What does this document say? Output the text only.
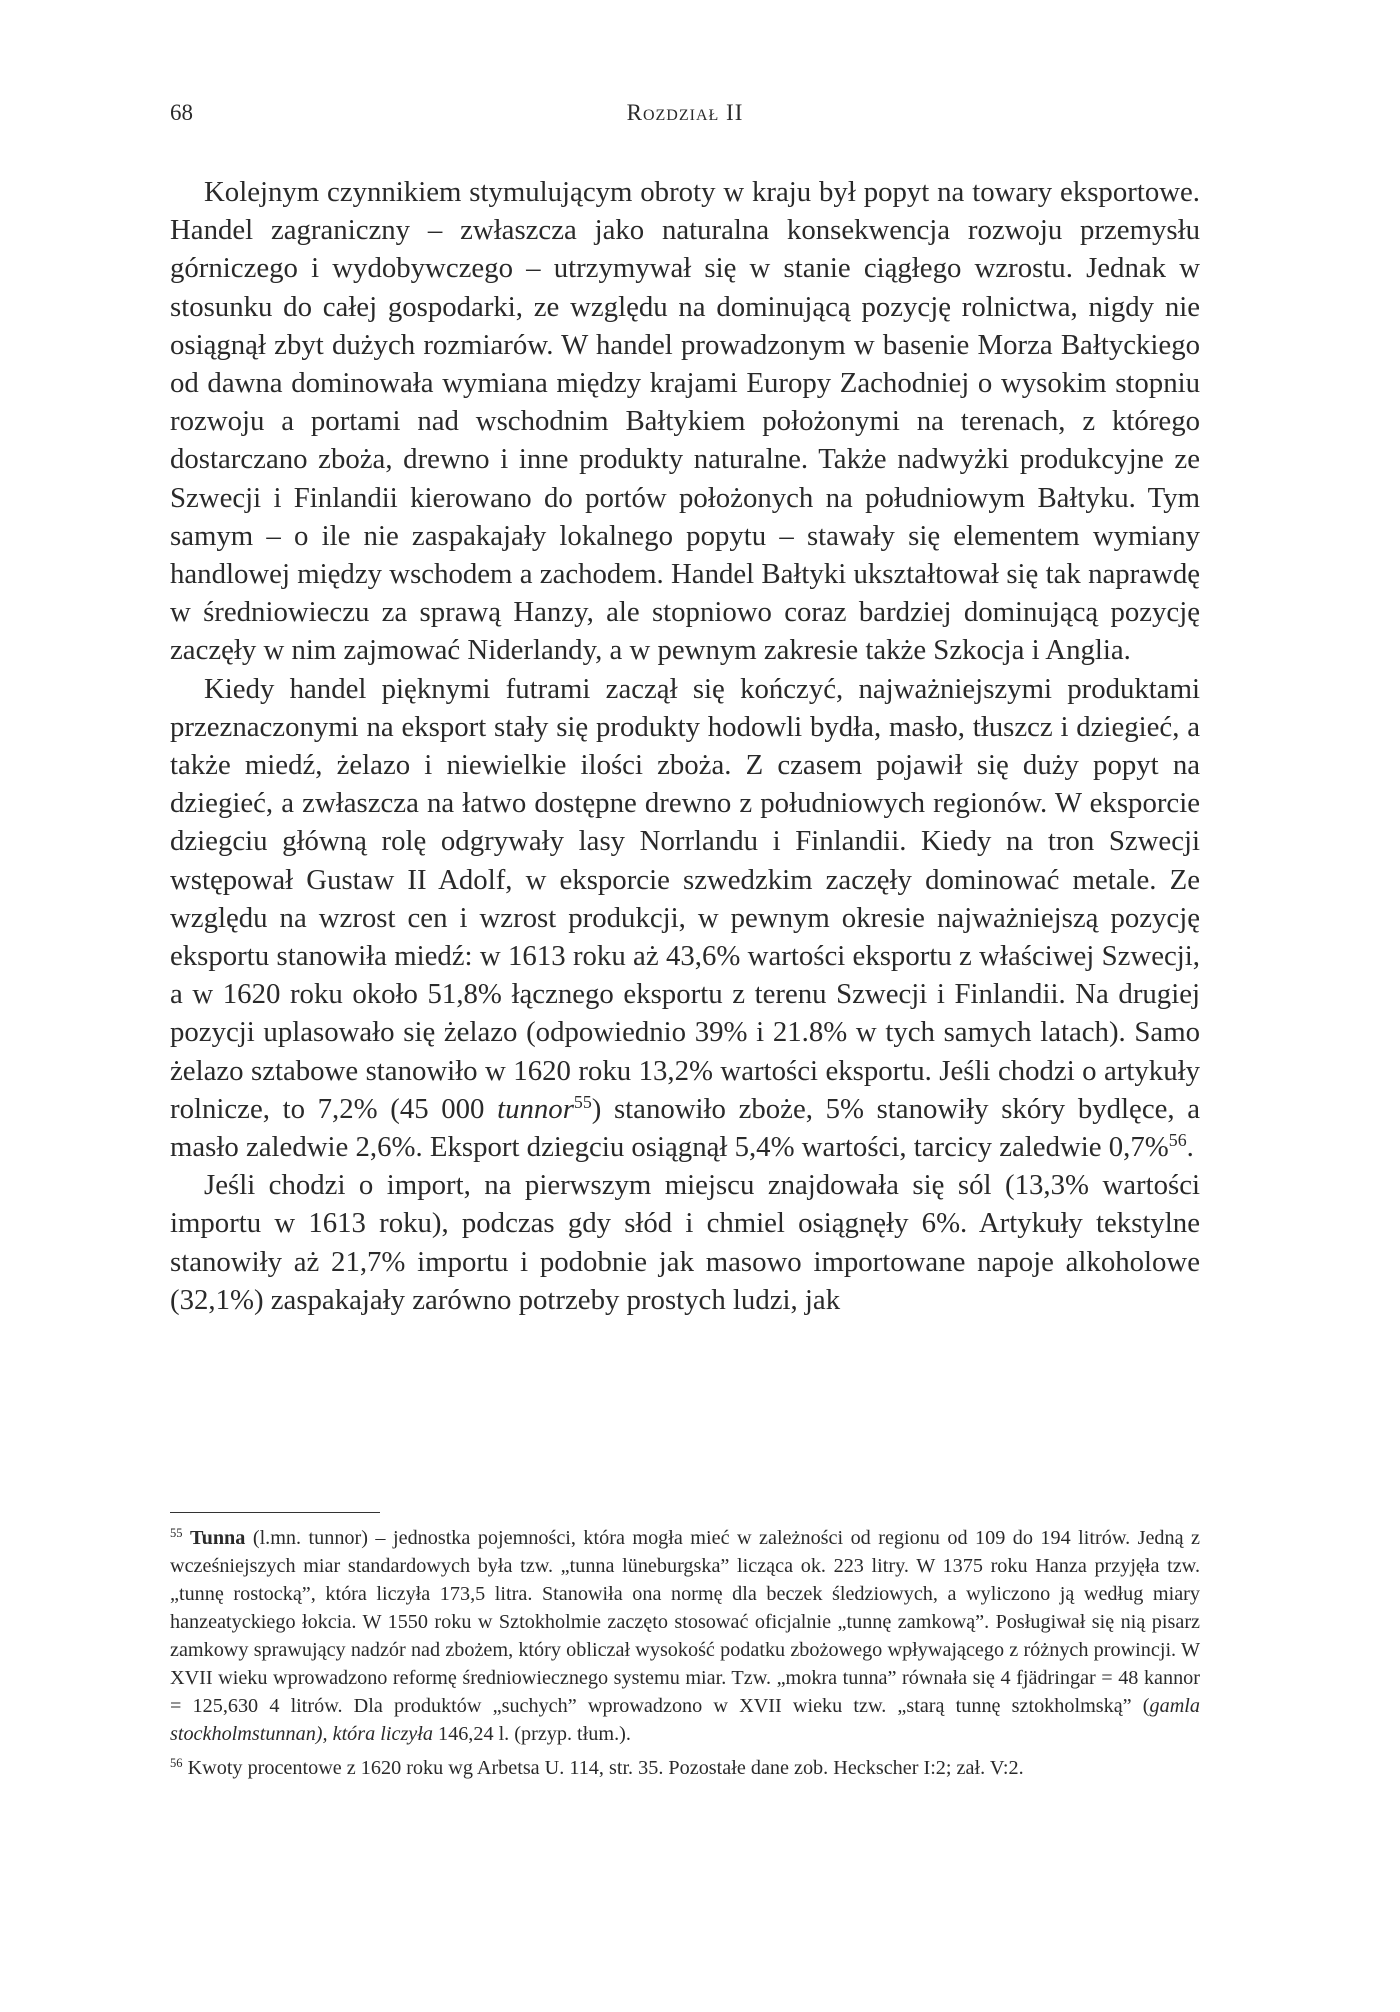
68	Rozdział II

Kolejnym czynnikiem stymulującym obroty w kraju był popyt na towary eksportowe. Handel zagraniczny – zwłaszcza jako naturalna konsekwencja rozwoju przemysłu górniczego i wydobywczego – utrzymywał się w stanie ciągłego wzrostu. Jednak w stosunku do całej gospodarki, ze względu na dominującą pozycję rolnictwa, nigdy nie osiągnął zbyt dużych rozmiarów. W handel prowadzonym w basenie Morza Bałtyckiego od dawna dominowała wymiana między krajami Europy Zachodniej o wysokim stopniu rozwoju a portami nad wschodnim Bałtykiem położonymi na terenach, z którego dostarczano zboża, drewno i inne produkty naturalne. Także nadwyżki produkcyjne ze Szwecji i Finlandii kierowano do portów położonych na południowym Bałtyku. Tym samym – o ile nie zaspakajały lokalnego popytu – stawały się elementem wymiany handlowej między wschodem a zachodem. Handel Bałtyki ukształtował się tak naprawdę w średniowieczu za sprawą Hanzy, ale stopniowo coraz bardziej dominującą pozycję zaczęły w nim zajmować Niderlandy, a w pewnym zakresie także Szkocja i Anglia.

Kiedy handel pięknymi futrami zaczął się kończyć, najważniejszymi produktami przeznaczonymi na eksport stały się produkty hodowli bydła, masło, tłuszcz i dziegieć, a także miedź, żelazo i niewielkie ilości zboża. Z czasem pojawił się duży popyt na dziegieć, a zwłaszcza na łatwo dostępne drewno z południowych regionów. W eksporcie dziegciu główną rolę odgrywały lasy Norrlandu i Finlandii. Kiedy na tron Szwecji wstępował Gustaw II Adolf, w eksporcie szwedzkim zaczęły dominować metale. Ze względu na wzrost cen i wzrost produkcji, w pewnym okresie najważniejszą pozycję eksportu stanowiła miedź: w 1613 roku aż 43,6% wartości eksportu z właściwej Szwecji, a w 1620 roku około 51,8% łącznego eksportu z terenu Szwecji i Finlandii. Na drugiej pozycji uplasowało się żelazo (odpowiednio 39% i 21.8% w tych samych latach). Samo żelazo sztabowe stanowiło w 1620 roku 13,2% wartości eksportu. Jeśli chodzi o artykuły rolnicze, to 7,2% (45 000 tunnor$^{55}$) stanowiło zboże, 5% stanowiły skóry bydlęce, a masło zaledwie 2,6%. Eksport dziegciu osiągnął 5,4% wartości, tarcicy zaledwie 0,7%$^{56}$.

Jeśli chodzi o import, na pierwszym miejscu znajdowała się sól (13,3% wartości importu w 1613 roku), podczas gdy słód i chmiel osiągnęły 6%. Artykuły tekstylne stanowiły aż 21,7% importu i podobnie jak masowo importowane napoje alkoholowe (32,1%) zaspakajały zarówno potrzeby prostych ludzi, jak

$^{55}$ Tunna (l.mn. tunnor) – jednostka pojemności, która mogła mieć w zależności od regionu od 109 do 194 litrów. Jedną z wcześniejszych miar standardowych była tzw. „tunna lüneburgska” licząca ok. 223 litry. W 1375 roku Hanza przyjęła tzw. „tunnę rostocką”, która liczyła 173,5 litra. Stanowiła ona normę dla beczek śledziowych, a wyliczono ją według miary hanzeatyckiego łokcia. W 1550 roku w Sztokholmie zaczęto stosować oficjalnie „tunnę zamkową”. Posługiwał się nią pisarz zamkowy sprawujący nadzór nad zbożem, który obliczał wysokość podatku zbożowego wpływającego z różnych prowincji. W XVII wieku wprowadzono reformę średniowiecznego systemu miar. Tzw. „mokra tunna” równała się 4 fjädringar = 48 kannor = 125,630 4 litrów. Dla produktów „suchych” wprowadzono w XVII wieku tzw. „starą tunnę sztokholmską” (gamla stockholmstunnan), która liczyła 146,24 l. (przyp. tłum.).

$^{56}$ Kwoty procentowe z 1620 roku wg Arbetsa U. 114, str. 35. Pozostałe dane zob. Heckscher I:2; zał. V:2.
